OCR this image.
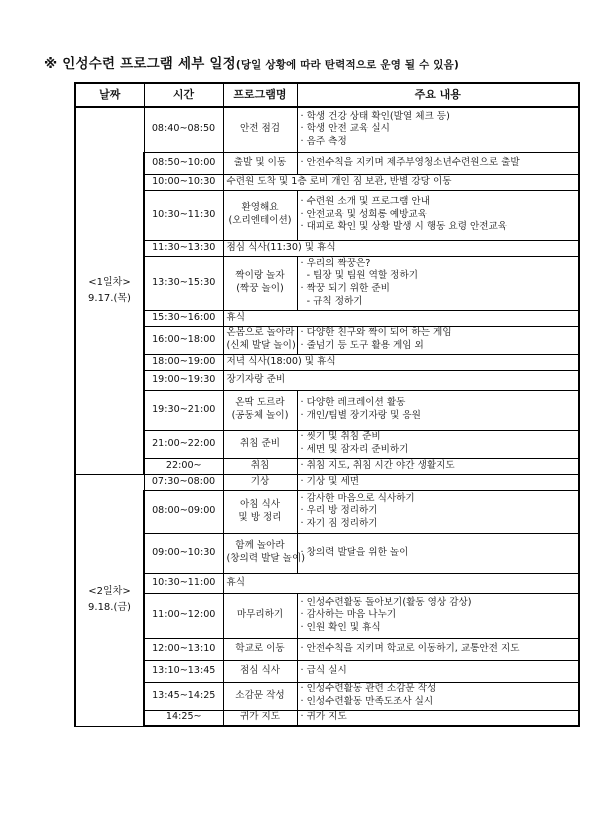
※ 인성수련 프로그램 세부 일정(당일 상황에 따라 탄력적으로 운영 될 수 있음)
날짜	시간	프로그램명	주요 내용

<1일차>
9.17.(목)	08:40~08:50	안전 점검	· 학생 건강 상태 확인(발열 체크 등)
· 학생 안전 교육 실시
· 음주 측정

	08:50~10:00	출발 및 이동	· 안전수칙을 지키며 제주부영청소년수련원으로 출발

	10:00~10:30	수련원 도착 및 1층 로비 개인 짐 보관, 반별 강당 이동	
	10:30~11:30	환영해요
(오리엔테이션)	· 수련원 소개 및 프로그램 안내
· 안전교육 및 성희롱 예방교육
· 대피로 확인 및 상황 발생 시 행동 요령 안전교육

	11:30~13:30	점심 식사(11:30) 및 휴식	
	13:30~15:30	짝이랑 놀자
(짝꿍 놀이)	· 우리의 짝꿍은?
- 팀장 및 팀원 역할 정하기
· 짝꿍 되기 위한 준비
- 규칙 정하기

	15:30~16:00	휴식	
	16:00~18:00	온몸으로 놀아라
(신체 발달 놀이)	· 다양한 친구와 짝이 되어 하는 게임
· 줄넘기 등 도구 활용 게임 외

	18:00~19:00	저녁 식사(18:00) 및 휴식	
	19:00~19:30	장기자랑 준비	
	19:30~21:00	온딱 도르라
(공동체 놀이)	· 다양한 레크레이션 활동
· 개인/팀별 장기자랑 및 응원

	21:00~22:00	취침 준비	· 씻기 및 취침 준비
· 세면 및 잠자리 준비하기

	22:00~	취침	· 취침 지도, 취침 시간 야간 생활지도

<2일차>
9.18.(금)	07:30~08:00	기상	· 기상 및 세면

	08:00~09:00	아침 식사
및 방 정리	· 감사한 마음으로 식사하기
· 우리 방 정리하기
· 자기 짐 정리하기

	09:00~10:30	함께 놀아라
(창의력 발달 놀이)	· 창의력 발달을 위한 놀이

	10:30~11:00	휴식	
	11:00~12:00	마무리하기	· 인성수련활동 돌아보기(활동 영상 감상)
· 감사하는 마음 나누기
· 인원 확인 및 휴식

	12:00~13:10	학교로 이동	· 안전수칙을 지키며 학교로 이동하기, 교통안전 지도

	13:10~13:45	점심 식사	· 급식 실시

	13:45~14:25	소감문 작성	· 인성수련활동 관련 소감문 작성
· 인성수련활동 만족도조사 실시

	14:25~	귀가 지도	· 귀가 지도
